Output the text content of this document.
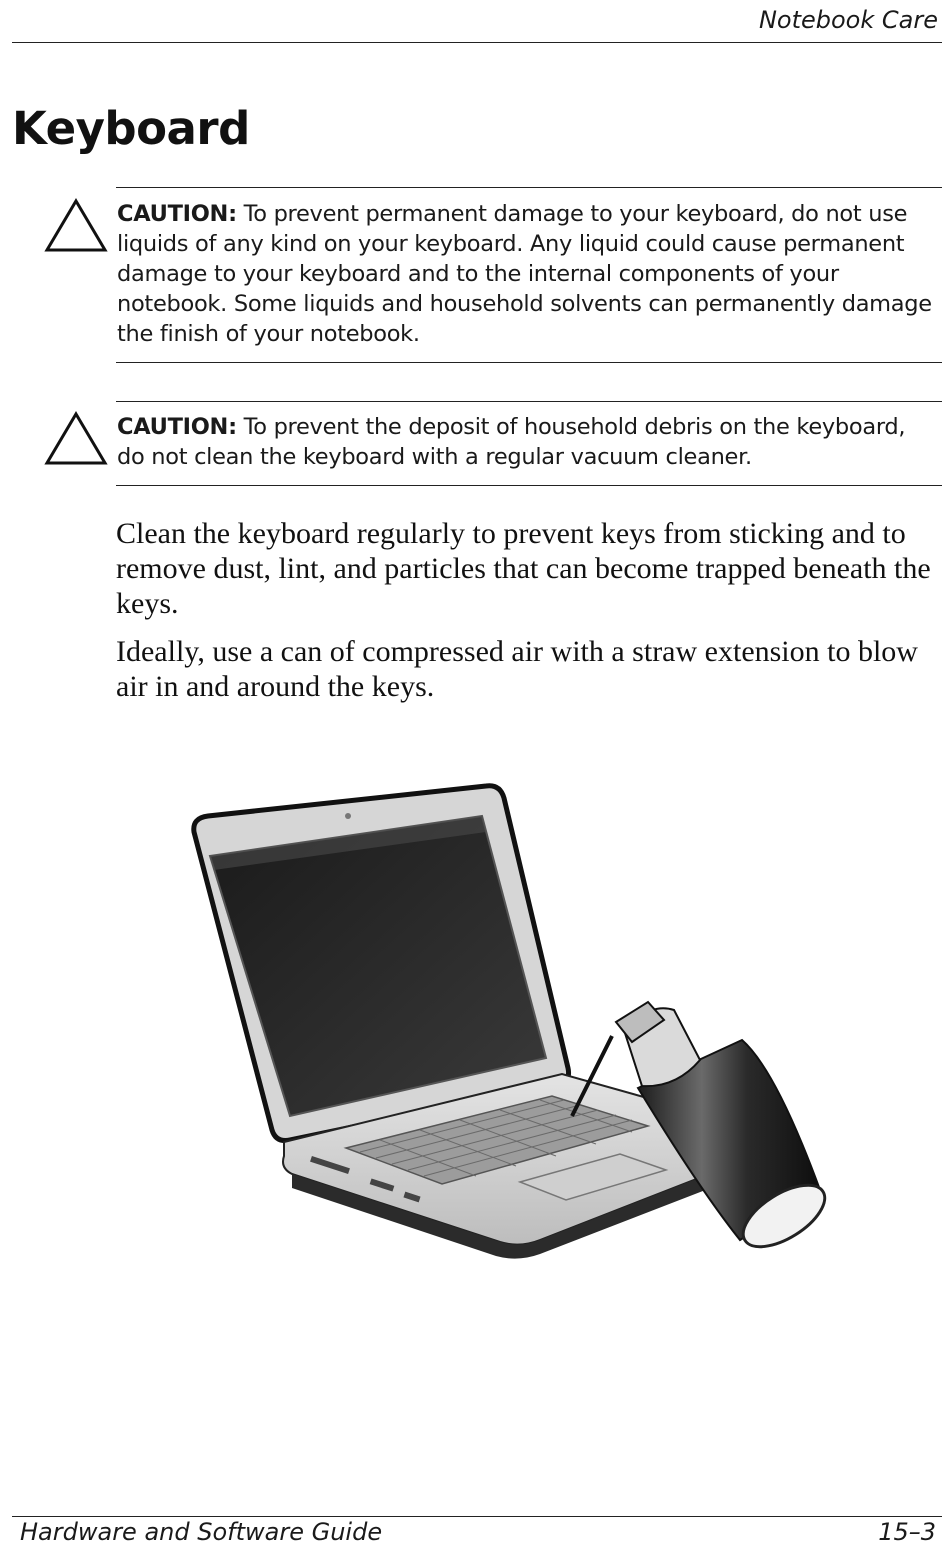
Notebook Care
Keyboard

CAUTION: To prevent permanent damage to your keyboard, do not use liquids of any kind on your keyboard. Any liquid could cause permanent damage to your keyboard and to the internal components of your notebook. Some liquids and household solvents can permanently damage the finish of your notebook.

CAUTION: To prevent the deposit of household debris on the keyboard, do not clean the keyboard with a regular vacuum cleaner.

Clean the keyboard regularly to prevent keys from sticking and to remove dust, lint, and particles that can become trapped beneath the keys.

Ideally, use a can of compressed air with a straw extension to blow air in and around the keys.

Hardware and Software Guide	15–3
